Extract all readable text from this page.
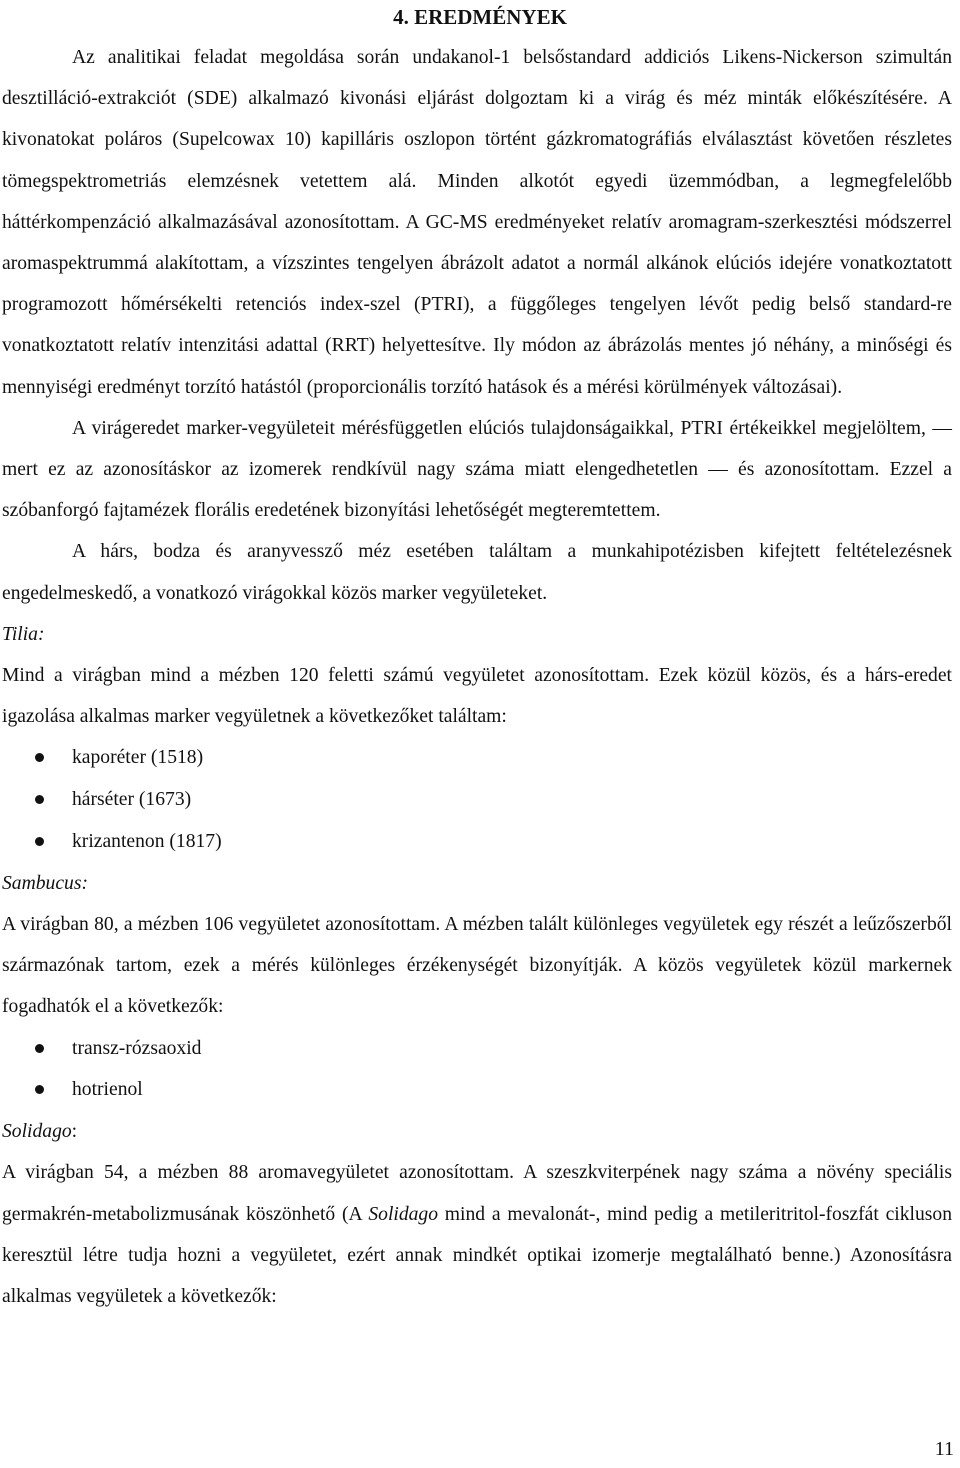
4. EREDMÉNYEK

Az analitikai feladat megoldása során undakanol-1 belsőstandard addiciós Likens-Nickerson szimultán desztilláció-extrakciót (SDE) alkalmazó kivonási eljárást dolgoztam ki a virág és méz minták előkészítésére. A kivonatokat poláros (Supelcowax 10) kapilláris oszlopon történt gázkromatográfiás elválasztást követően részletes tömegspektrometriás elemzésnek vetettem alá. Minden alkotót egyedi üzemmódban, a legmegfelelőbb háttérkompenzáció alkalmazásával azonosítottam. A GC-MS eredményeket relatív aromagram-szerkesztési módszerrel aromaspektrummá alakítottam, a vízszintes tengelyen ábrázolt adatot a normál alkánok elúciós idejére vonatkoztatott programozott hőmérsékelti retenciós index-szel (PTRI), a függőleges tengelyen lévőt pedig belső standard-re vonatkoztatott relatív intenzitási adattal (RRT) helyettesítve. Ily módon az ábrázolás mentes jó néhány, a minőségi és mennyiségi eredményt torzító hatástól (proporcionális torzító hatások és a mérési körülmények változásai).

A virágeredet marker-vegyületeit mérésfüggetlen elúciós tulajdonságaikkal, PTRI értékeikkel megjelöltem, — mert ez az azonosításkor az izomerek rendkívül nagy száma miatt elengedhetetlen — és azonosítottam. Ezzel a szóbanforgó fajtamézek florális eredetének bizonyítási lehetőségét megteremtettem.

A hárs, bodza és aranyvessző méz esetében találtam a munkahipotézisben kifejtett feltételezésnek engedelmeskedő, a vonatkozó virágokkal közös marker vegyületeket.

Tilia:

Mind a virágban mind a mézben 120 feletti számú vegyületet azonosítottam. Ezek közül közös, és a hárs-eredet igazolása alkalmas marker vegyületnek a következőket találtam:

kaporéter (1518)
hárséter (1673)
krizantenon (1817)

Sambucus:

A virágban 80, a mézben 106 vegyületet azonosítottam. A mézben talált különleges vegyületek egy részét a leűzőszerből származónak tartom, ezek a mérés különleges érzékenységét bizonyítják. A közös vegyületek közül markernek fogadhatók el a következők:

transz-rózsaoxid
hotrienol

Solidago:

A virágban 54, a mézben 88 aromavegyületet azonosítottam. A szeszkviterpének nagy száma a növény speciális germakrén-metabolizmusának köszönhető (A Solidago mind a mevalonát-, mind pedig a metileritritol-foszfát cikluson keresztül létre tudja hozni a vegyületet, ezért annak mindkét optikai izomerje megtalálható benne.) Azonosításra alkalmas vegyületek a következők:

11
